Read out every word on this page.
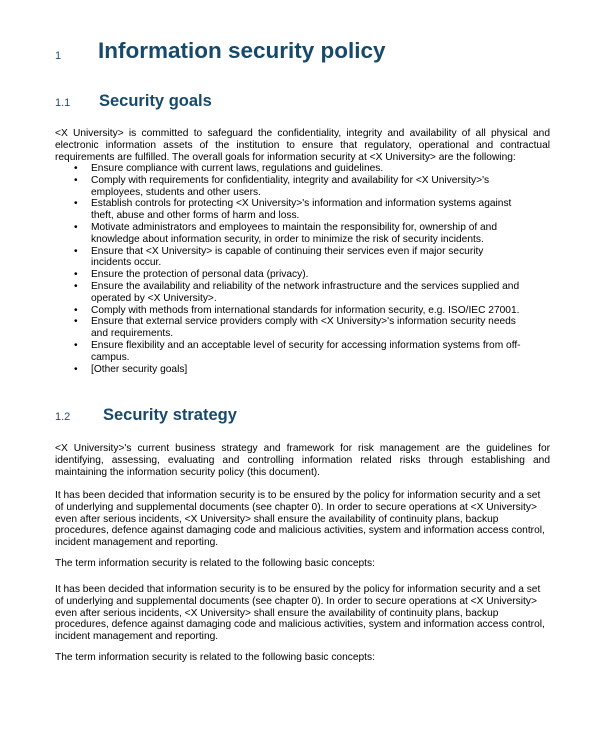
1 Information security policy
1.1 Security goals

<X University> is committed to safeguard the confidentiality, integrity and availability of all physical and electronic information assets of the institution to ensure that regulatory, operational and contractual requirements are fulfilled. The overall goals for information security at <X University> are the following:

• Ensure compliance with current laws, regulations and guidelines.
• Comply with requirements for confidentiality, integrity and availability for <X University>'s employees, students and other users.
• Establish controls for protecting <X University>'s information and information systems against theft, abuse and other forms of harm and loss.
• Motivate administrators and employees to maintain the responsibility for, ownership of and knowledge about information security, in order to minimize the risk of security incidents.
• Ensure that <X University> is capable of continuing their services even if major security incidents occur.
• Ensure the protection of personal data (privacy).
• Ensure the availability and reliability of the network infrastructure and the services supplied and operated by <X University>.
• Comply with methods from international standards for information security, e.g. ISO/IEC 27001.
• Ensure that external service providers comply with <X University>'s information security needs and requirements.
• Ensure flexibility and an acceptable level of security for accessing information systems from off-campus.
• [Other security goals]
1.2 Security strategy

<X University>'s current business strategy and framework for risk management are the guidelines for identifying, assessing, evaluating and controlling information related risks through establishing and maintaining the information security policy (this document).

It has been decided that information security is to be ensured by the policy for information security and a set of underlying and supplemental documents (see chapter 0). In order to secure operations at <X University> even after serious incidents, <X University> shall ensure the availability of continuity plans, backup procedures, defence against damaging code and malicious activities, system and information access control, incident management and reporting.

The term information security is related to the following basic concepts:

It has been decided that information security is to be ensured by the policy for information security and a set of underlying and supplemental documents (see chapter 0). In order to secure operations at <X University> even after serious incidents, <X University> shall ensure the availability of continuity plans, backup procedures, defence against damaging code and malicious activities, system and information access control, incident management and reporting.

The term information security is related to the following basic concepts:
